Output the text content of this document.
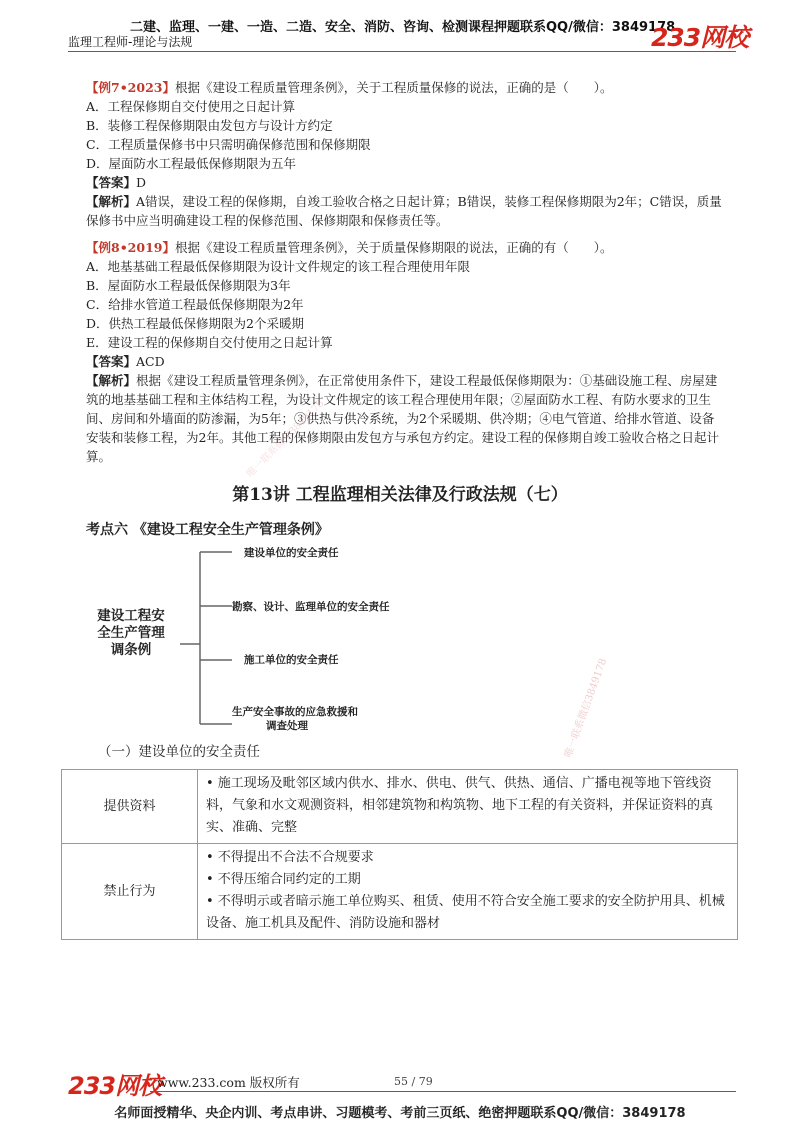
二建、监理、一建、一造、二造、安全、消防、咨询、检测课程押题联系QQ/微信：3849178
监理工程师-理论与法规	233网校
【例7•2023】根据《建设工程质量管理条例》，关于工程质量保修的说法，正确的是（　　）。
A．工程保修期自交付使用之日起计算
B．装修工程保修期限由发包方与设计方约定
C．工程质量保修书中只需明确保修范围和保修期限
D．屋面防水工程最低保修期限为五年
【答案】D
【解析】A错误，建设工程的保修期，自竣工验收合格之日起计算；B错误，装修工程保修期限为2年；C错误，质量保修书中应当明确建设工程的保修范围、保修期限和保修责任等。
【例8•2019】根据《建设工程质量管理条例》，关于质量保修期限的说法，正确的有（　　）。
A．地基基础工程最低保修期限为设计文件规定的该工程合理使用年限
B．屋面防水工程最低保修期限为3年
C．给排水管道工程最低保修期限为2年
D．供热工程最低保修期限为2个采暖期
E．建设工程的保修期自交付使用之日起计算
【答案】ACD
【解析】根据《建设工程质量管理条例》，在正常使用条件下，建设工程最低保修期限为：①基础设施工程、房屋建筑的地基基础工程和主体结构工程，为设计文件规定的该工程合理使用年限；②屋面防水工程、有防水要求的卫生间、房间和外墙面的防渗漏，为5年；③供热与供冷系统，为2个采暖期、供冷期；④电气管道、给排水管道、设备安装和装修工程，为2年。其他工程的保修期限由发包方与承包方约定。建设工程的保修期自竣工验收合格之日起计算。	唯一联系微信3849178
唯一联系微信3849178
第13讲 工程监理相关法律及行政法规（七）
考点六 《建设工程安全生产管理条例》
建设工程安
全生产管理
调条例
建设单位的安全责任
勘察、设计、监理单位的安全责任
施工单位的安全责任
生产安全事故的应急救援和
调查处理
（一）建设单位的安全责任
提供资料	• 施工现场及毗邻区域内供水、排水、供电、供气、供热、通信、广播电视等地下管线资料，气象和水文观测资料，相邻建筑物和构筑物、地下工程的有关资料，并保证资料的真实、准确、完整

禁止行为	• 不得提出不合法不合规要求
• 不得压缩合同约定的工期
• 不得明示或者暗示施工单位购买、租赁、使用不符合安全施工要求的安全防护用具、机械设备、施工机具及配件、消防设施和器材
233网校
www.233.com 版权所有	55 / 79
名师面授精华、央企内训、考点串讲、习题模考、考前三页纸、绝密押题联系QQ/微信：3849178
